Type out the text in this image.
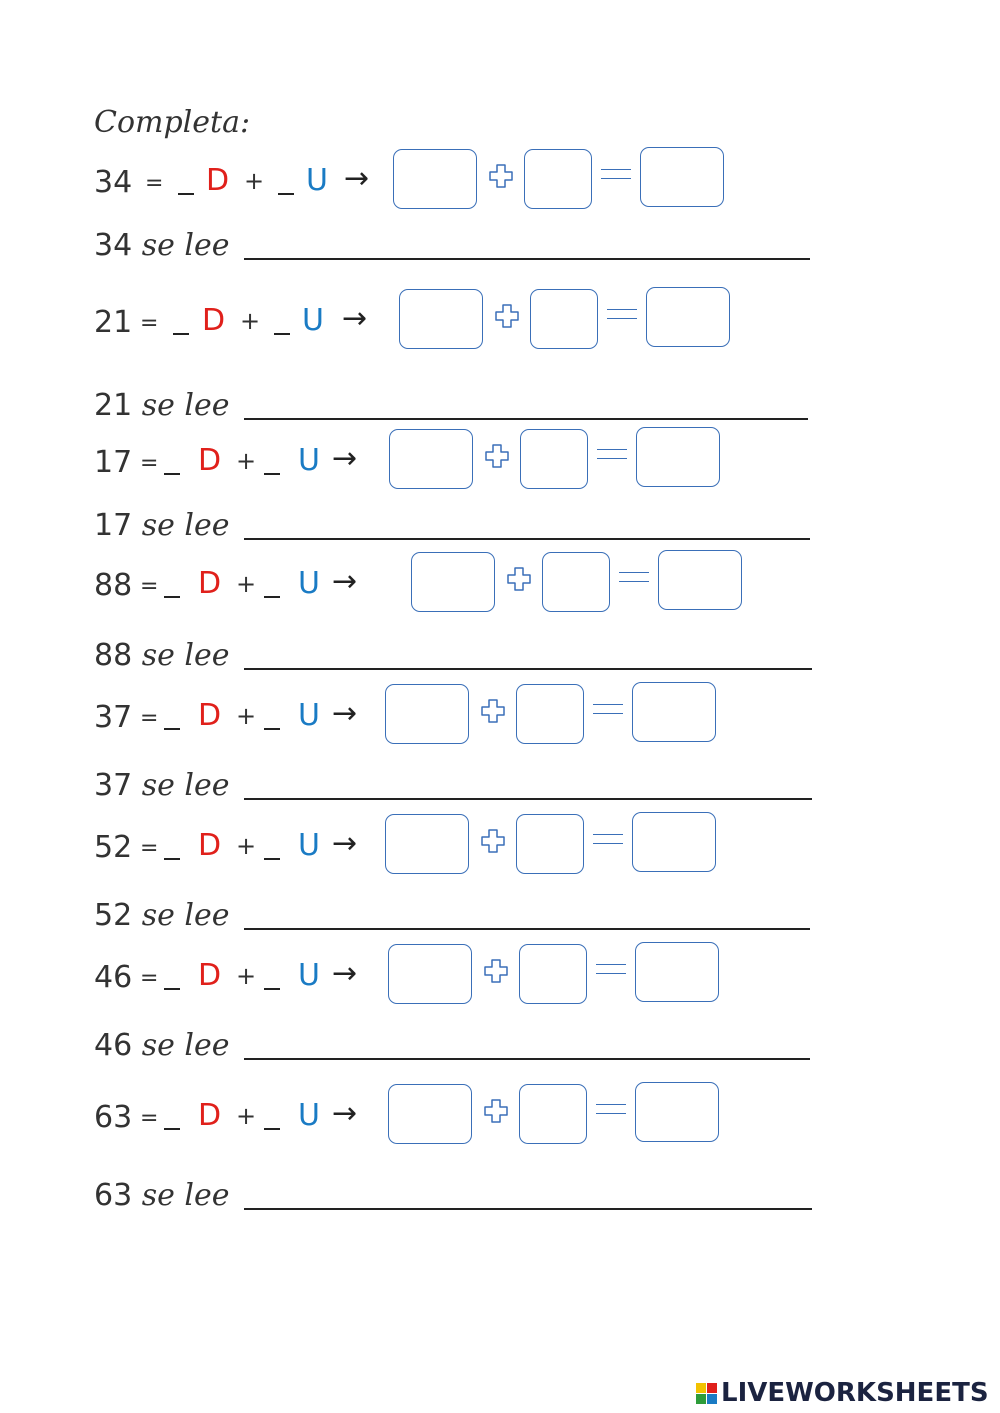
Completa:
34 = D + U →
34 se lee
21 = D + U →
21 se lee
17 = D + U →
17 se lee
88 = D + U →
88 se lee
37 = D + U →
37 se lee
52 = D + U →
52 se lee
46 = D + U →
46 se lee
63 = D + U →
63 se lee
LIVEWORKSHEETS
